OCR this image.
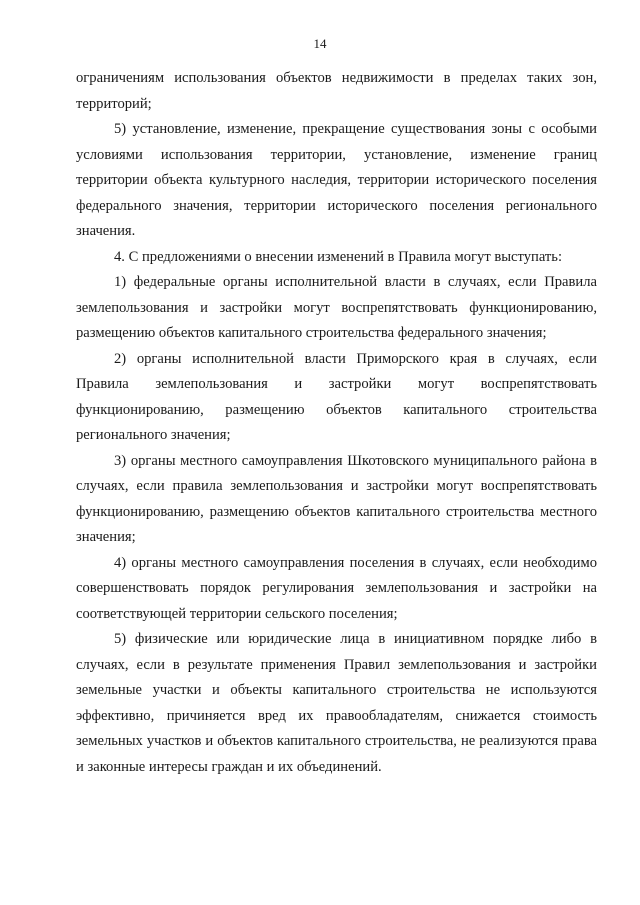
14

ограничениям использования объектов недвижимости в пределах таких зон, территорий;

5) установление, изменение, прекращение существования зоны с особыми условиями использования территории, установление, изменение границ территории объекта культурного наследия, территории исторического поселения федерального значения, территории исторического поселения регионального значения.

4. С предложениями о внесении изменений в Правила могут выступать:

1) федеральные органы исполнительной власти в случаях, если Правила землепользования и застройки могут воспрепятствовать функционированию, размещению объектов капитального строительства федерального значения;

2) органы исполнительной власти Приморского края в случаях, если Правила землепользования и застройки могут воспрепятствовать функционированию, размещению объектов капитального строительства регионального значения;

3) органы местного самоуправления Шкотовского муниципального района в случаях, если правила землепользования и застройки могут воспрепятствовать функционированию, размещению объектов капитального строительства местного значения;

4) органы местного самоуправления поселения в случаях, если необходимо совершенствовать порядок регулирования землепользования и застройки на соответствующей территории сельского поселения;

5) физические или юридические лица в инициативном порядке либо в случаях, если в результате применения Правил землепользования и застройки земельные участки и объекты капитального строительства не используются эффективно, причиняется вред их правообладателям, снижается стоимость земельных участков и объектов капитального строительства, не реализуются права и законные интересы граждан и их объединений.
